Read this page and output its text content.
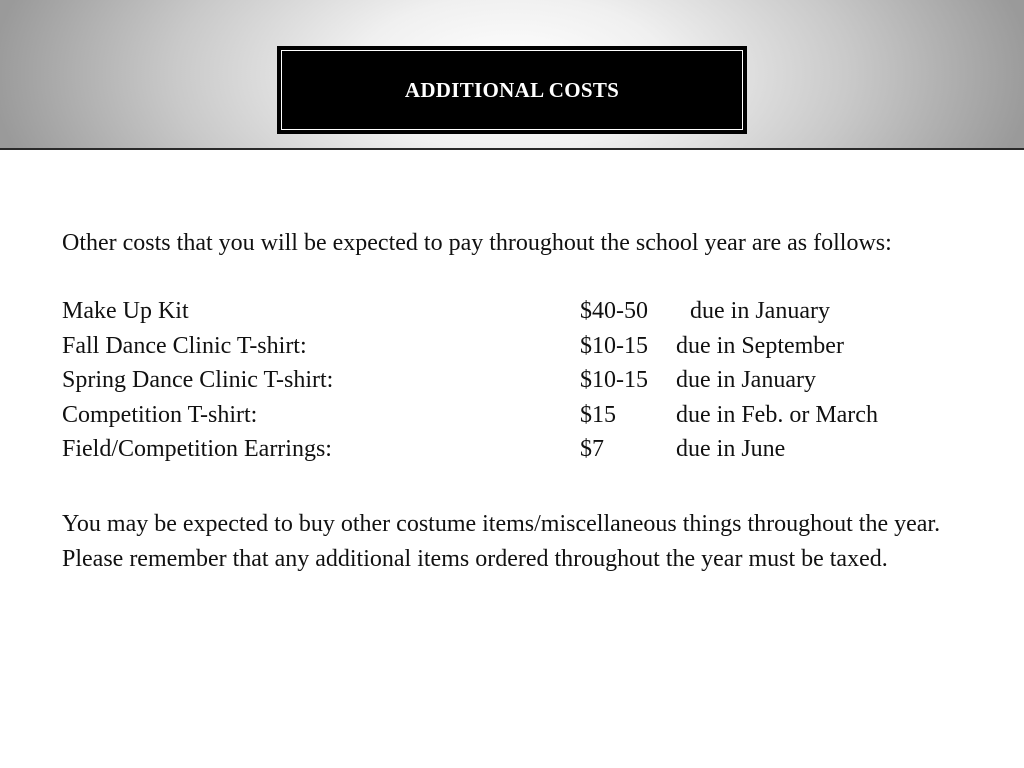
ADDITIONAL COSTS

Other costs that you will be expected to pay throughout the school year are as follows:

Make Up Kit	$40-50	due in January
Fall Dance Clinic T-shirt:	$10-15	due in September
Spring Dance Clinic T-shirt:	$10-15	due in January
Competition T-shirt:	$15	due in Feb. or March
Field/Competition Earrings:	$7	due in June

You may be expected to buy other costume items/miscellaneous things throughout the year.

Please remember that any additional items ordered throughout the year must be taxed.
